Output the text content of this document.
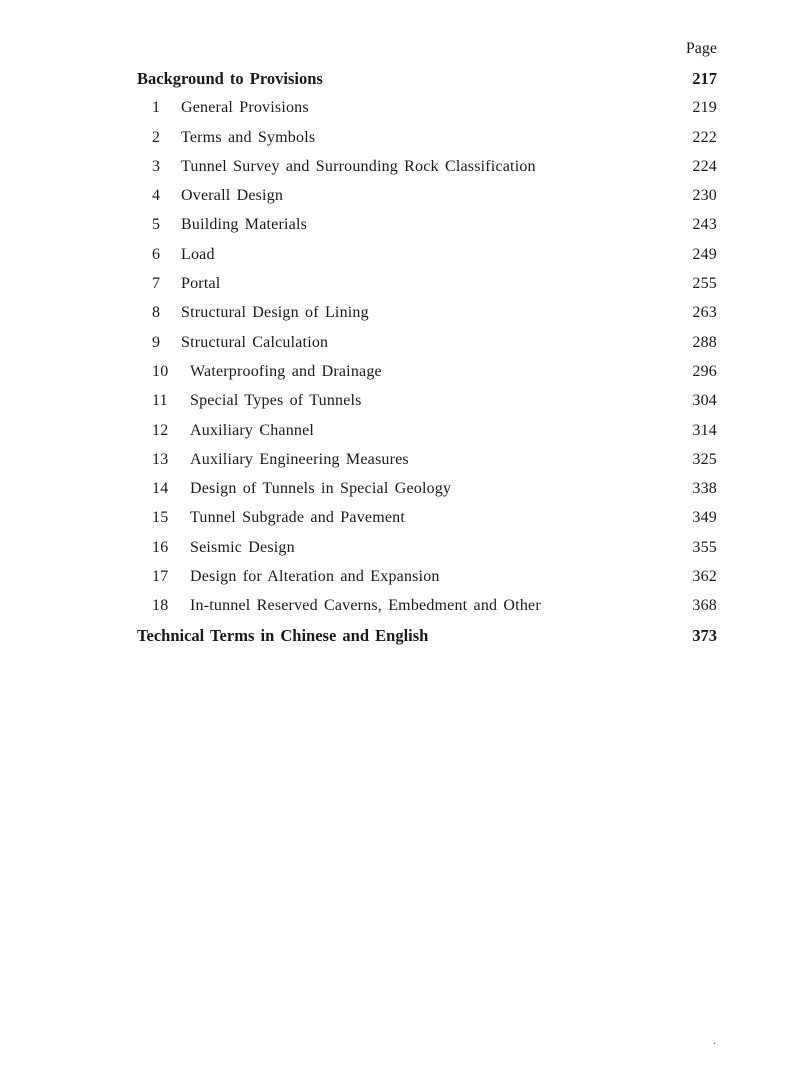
Page
Background to Provisions	217
1	General Provisions	219
2	Terms and Symbols	222
3	Tunnel Survey and Surrounding Rock Classification	224
4	Overall Design	230
5	Building Materials	243
6	Load	249
7	Portal	255
8	Structural Design of Lining	263
9	Structural Calculation	288
10	Waterproofing and Drainage	296
11	Special Types of Tunnels	304
12	Auxiliary Channel	314
13	Auxiliary Engineering Measures	325
14	Design of Tunnels in Special Geology	338
15	Tunnel Subgrade and Pavement	349
16	Seismic Design	355
17	Design for Alteration and Expansion	362
18	In-tunnel Reserved Caverns, Embedment and Other	368
Technical Terms in Chinese and English	373
·
